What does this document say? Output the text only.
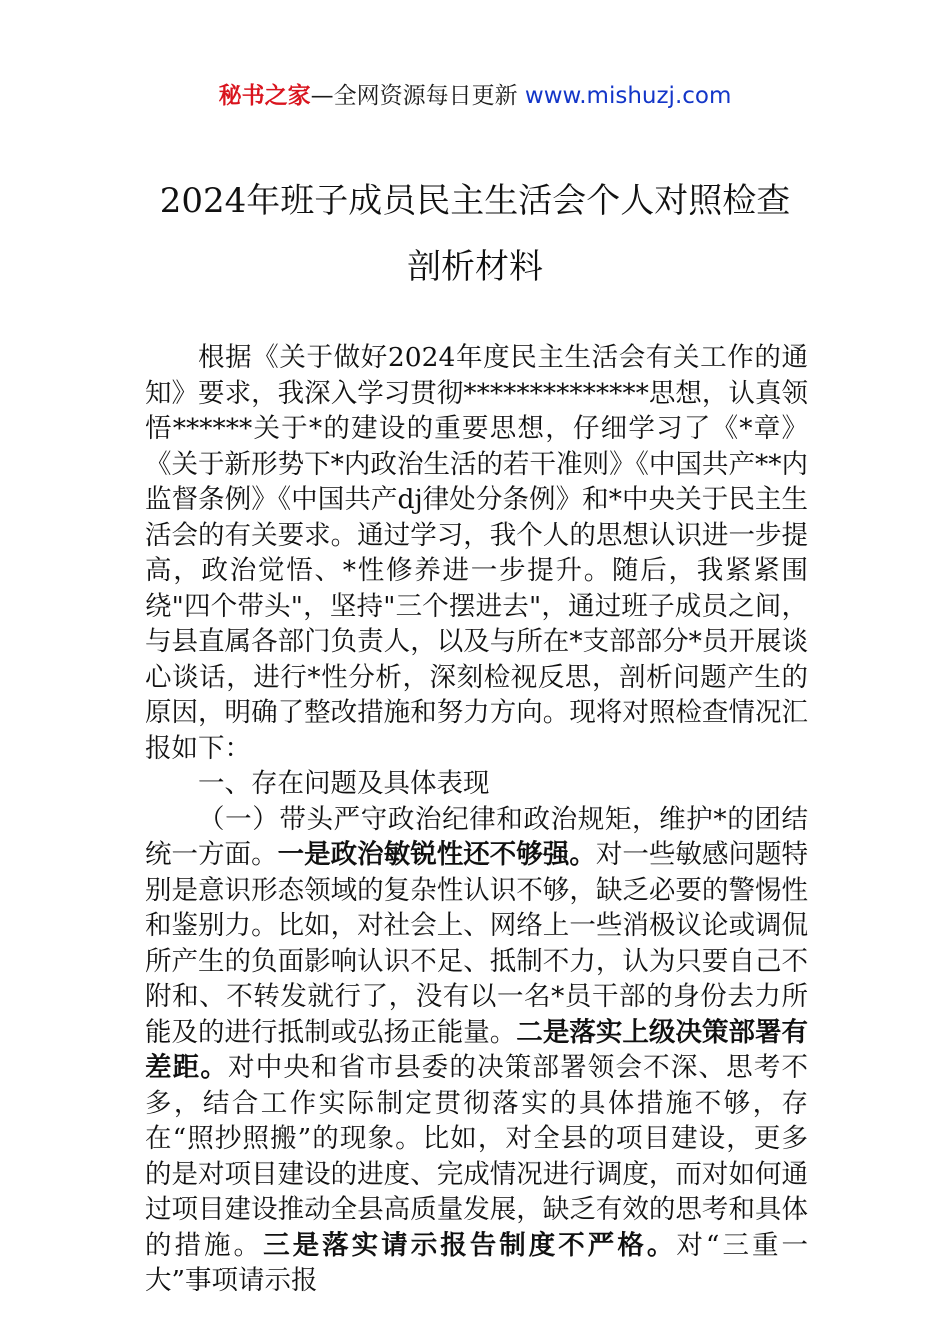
秘书之家—全网资源每日更新 www.mishuzj.com
2024年班子成员民主生活会个人对照检查
剖析材料

根据《关于做好2024年度民主生活会有关工作的通知》要求，我深入学习贯彻**************思想，认真领悟******关于*的建设的重要思想，仔细学习了《*章》《关于新形势下*内政治生活的若干准则》《中国共产**内监督条例》《中国共产dj律处分条例》和*中央关于民主生活会的有关要求。通过学习，我个人的思想认识进一步提高，政治觉悟、*性修养进一步提升。随后，我紧紧围绕"四个带头"，坚持"三个摆进去"，通过班子成员之间，与县直属各部门负责人，以及与所在*支部部分*员开展谈心谈话，进行*性分析，深刻检视反思，剖析问题产生的原因，明确了整改措施和努力方向。现将对照检查情况汇报如下：

一、存在问题及具体表现

（一）带头严守政治纪律和政治规矩，维护*的团结统一方面。一是政治敏锐性还不够强。对一些敏感问题特别是意识形态领域的复杂性认识不够，缺乏必要的警惕性和鉴别力。比如，对社会上、网络上一些消极议论或调侃所产生的负面影响认识不足、抵制不力，认为只要自己不附和、不转发就行了，没有以一名*员干部的身份去力所能及的进行抵制或弘扬正能量。二是落实上级决策部署有差距。对中央和省市县委的决策部署领会不深、思考不多，结合工作实际制定贯彻落实的具体措施不够，存在“照抄照搬”的现象。比如，对全县的项目建设，更多的是对项目建设的进度、完成情况进行调度，而对如何通过项目建设推动全县高质量发展，缺乏有效的思考和具体的措施。三是落实请示报告制度不严格。对“三重一大”事项请示报
